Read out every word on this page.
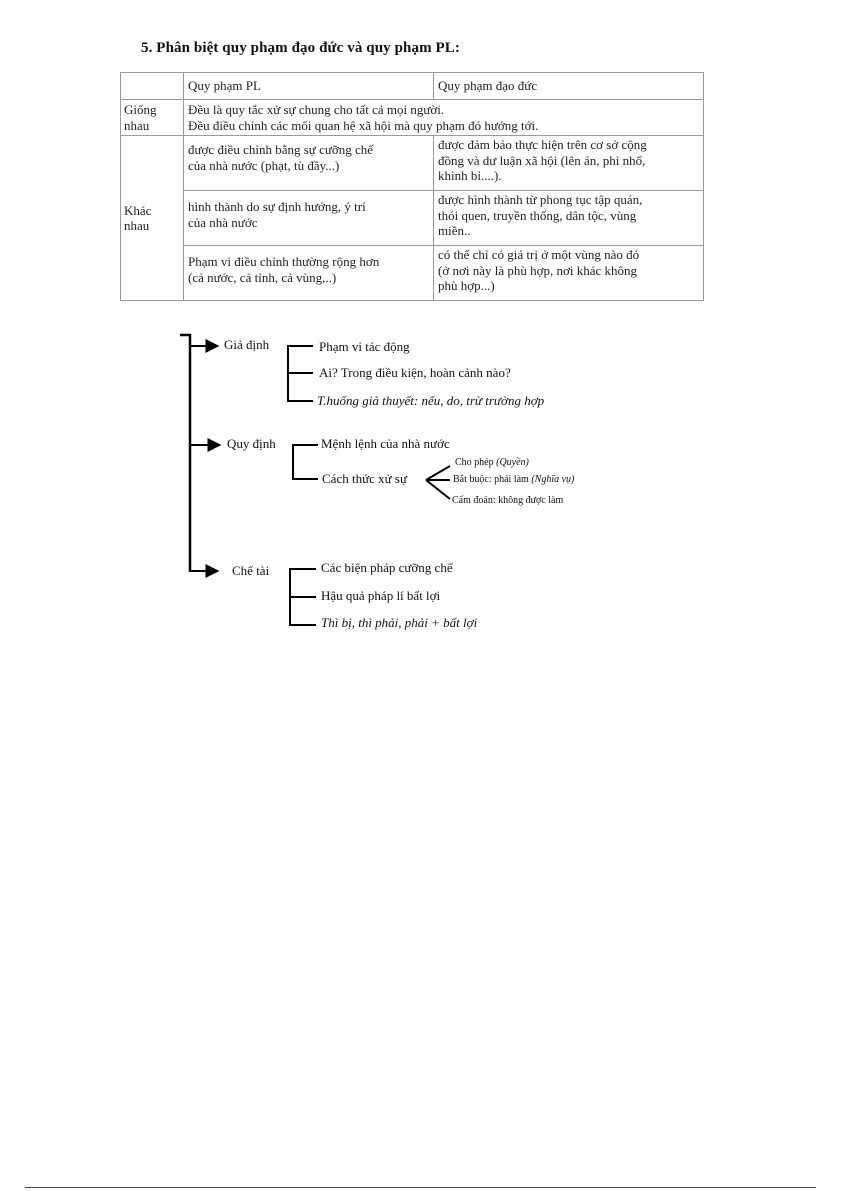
5. Phân biệt quy phạm đạo đức và quy phạm PL:
	Quy phạm PL	Quy phạm đạo đức

Giống
nhau	Đều là quy tắc xử sự chung cho tất cả mọi người.
Đều điều chỉnh các mối quan hệ xã hội mà quy phạm đó hướng tới.	

Khác
nhau	được điều chỉnh bằng sự cưỡng chế
của nhà nước (phạt, tù đầy...)	được đảm bảo thực hiện trên cơ sở cộng
đồng và dư luận xã hội (lên án, phỉ nhổ,
khinh bỉ....).

	hình thành do sự định hướng, ý trí
của nhà nước	được hình thành từ phong tục tập quán,
thói quen, truyền thống, dân tộc, vùng
miền..

	Phạm vi điều chỉnh thường rộng hơn
(cả nước, cả tỉnh, cả vùng,..)	có thể chỉ có giá trị ở một vùng nào đó
(ở nơi này là phù hợp, nơi khác không
phù hợp...)
Giả định	Phạm vi tác động
Ai? Trong điều kiện, hoàn cảnh nào?
T.huống giả thuyết: nếu, do, trừ trường hợp
Quy định	Mệnh lệnh của nhà nước
Cách thức xử sự
Cho phép (Quyền)
Bắt buộc: phải làm (Nghĩa vụ)
Cấm đoán: không được làm
Chế tài	Các biện pháp cưỡng chế
Hậu quả pháp lí bất lợi
Thì bị, thì phải, phải + bất lợi
